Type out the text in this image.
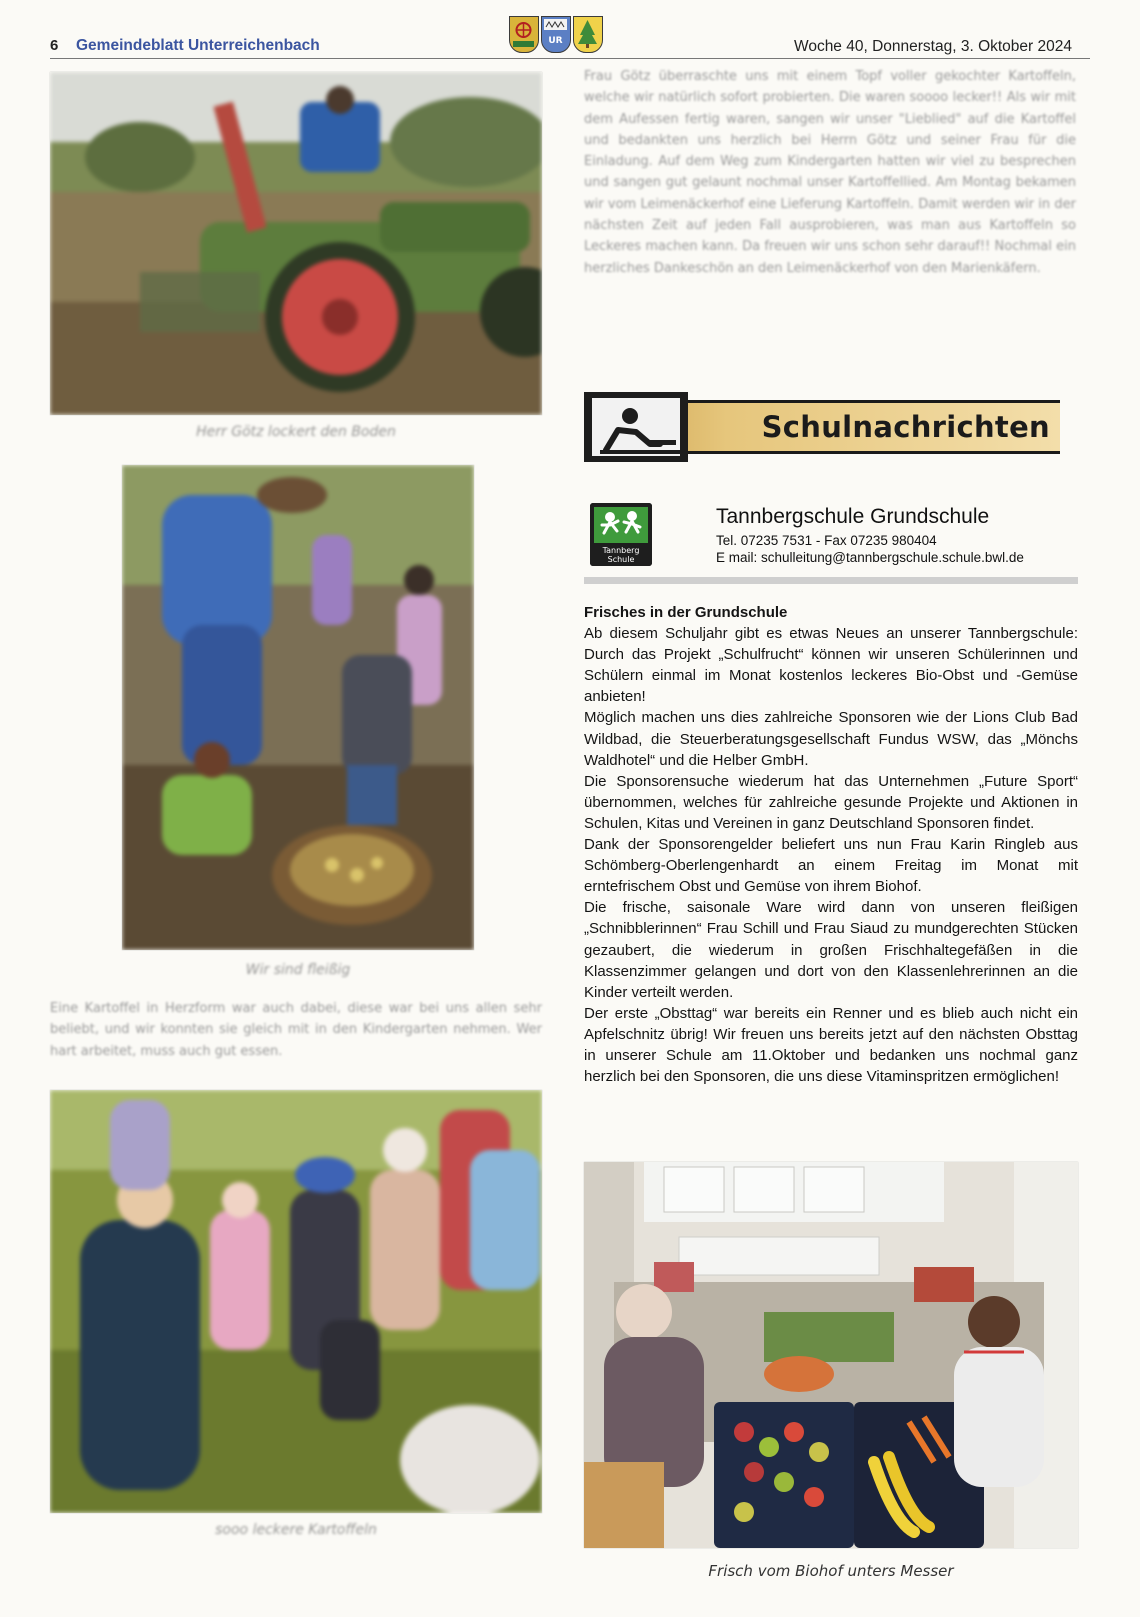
6 Gemeindeblatt Unterreichenbach	UR	Woche 40, Donnerstag, 3. Oktober 2024
Herr Götz lockert den Boden
Wir sind fleißig

Eine Kartoffel in Herzform war auch dabei, diese war bei uns allen sehr beliebt, und wir konnten sie gleich mit in den Kindergarten nehmen. Wer hart arbeitet, muss auch gut essen.

sooo leckere Kartoffeln

Frau Götz überraschte uns mit einem Topf voller gekochter Kartoffeln, welche wir natürlich sofort probierten. Die waren soooo lecker!! Als wir mit dem Aufessen fertig waren, sangen wir unser "Lieblied" auf die Kartoffel und bedankten uns herzlich bei Herrn Götz und seiner Frau für die Einladung. Auf dem Weg zum Kindergarten hatten wir viel zu besprechen und sangen gut gelaunt nochmal unser Kartoffellied. Am Montag bekamen wir vom Leimenäckerhof eine Lieferung Kartoffeln. Damit werden wir in der nächsten Zeit auf jeden Fall ausprobieren, was man aus Kartoffeln so Leckeres machen kann. Da freuen wir uns schon sehr darauf!! Nochmal ein herzliches Dankeschön an den Leimenäckerhof von den Marienkäfern.

Schulnachrichten
Tannberg
Schule
Tannbergschule Grundschule
Tel. 07235 7531 - Fax 07235 980404
E mail: schulleitung@tannbergschule.schule.bwl.de
Frisches in der Grundschule

Ab diesem Schuljahr gibt es etwas Neues an unserer Tannbergschule: Durch das Projekt „Schulfrucht“ können wir unseren Schülerinnen und Schülern einmal im Monat kostenlos leckeres Bio-Obst und -Gemüse anbieten!

Möglich machen uns dies zahlreiche Sponsoren wie der Lions Club Bad Wildbad, die Steuerberatungsgesellschaft Fundus WSW, das „Mönchs Waldhotel“ und die Helber GmbH.

Die Sponsorensuche wiederum hat das Unternehmen „Future Sport“ übernommen, welches für zahlreiche gesunde Projekte und Aktionen in Schulen, Kitas und Vereinen in ganz Deutschland Sponsoren findet.

Dank der Sponsorengelder beliefert uns nun Frau Karin Ringleb aus Schömberg-Oberlengenhardt an einem Freitag im Monat mit erntefrischem Obst und Gemüse von ihrem Biohof.

Die frische, saisonale Ware wird dann von unseren fleißigen „Schnibblerinnen“ Frau Schill und Frau Siaud zu mundgerechten Stücken gezaubert, die wiederum in großen Frischhaltegefäßen in die Klassenzimmer gelangen und dort von den Klassenlehrerinnen an die Kinder verteilt werden.

Der erste „Obsttag“ war bereits ein Renner und es blieb auch nicht ein Apfelschnitz übrig! Wir freuen uns bereits jetzt auf den nächsten Obsttag in unserer Schule am 11.Oktober und bedanken uns nochmal ganz herzlich bei den Sponsoren, die uns diese Vitaminspritzen ermöglichen!

Frisch vom Biohof unters Messer
